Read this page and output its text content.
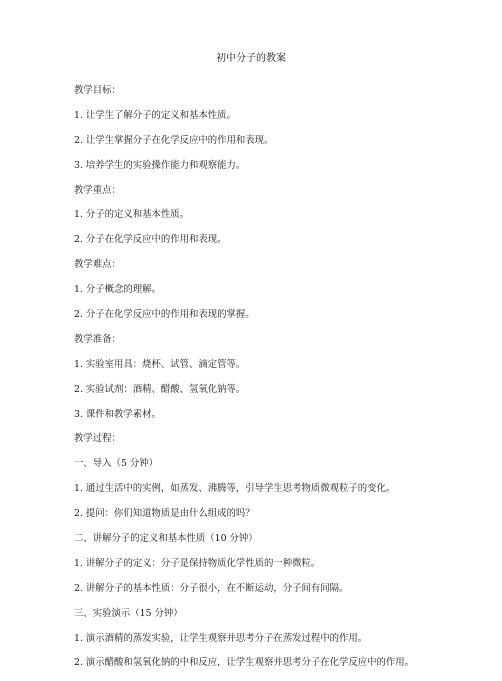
初中分子的教案
教学目标：
1. 让学生了解分子的定义和基本性质。
2. 让学生掌握分子在化学反应中的作用和表现。
3. 培养学生的实验操作能力和观察能力。
教学重点：
1. 分子的定义和基本性质。
2. 分子在化学反应中的作用和表现。
教学难点：
1. 分子概念的理解。
2. 分子在化学反应中的作用和表现的掌握。
教学准备：
1. 实验室用具：烧杯、试管、滴定管等。
2. 实验试剂：酒精、醋酸、氢氧化钠等。
3. 课件和教学素材。
教学过程：
一、导入（5 分钟）
1. 通过生活中的实例，如蒸发、沸腾等，引导学生思考物质微观粒子的变化。
2. 提问：你们知道物质是由什么组成的吗？
二、讲解分子的定义和基本性质（10 分钟）
1. 讲解分子的定义：分子是保持物质化学性质的一种微粒。
2. 讲解分子的基本性质：分子很小，在不断运动，分子间有间隔。
三、实验演示（15 分钟）
1. 演示酒精的蒸发实验，让学生观察并思考分子在蒸发过程中的作用。
2. 演示醋酸和氢氧化钠的中和反应，让学生观察并思考分子在化学反应中的作用。
